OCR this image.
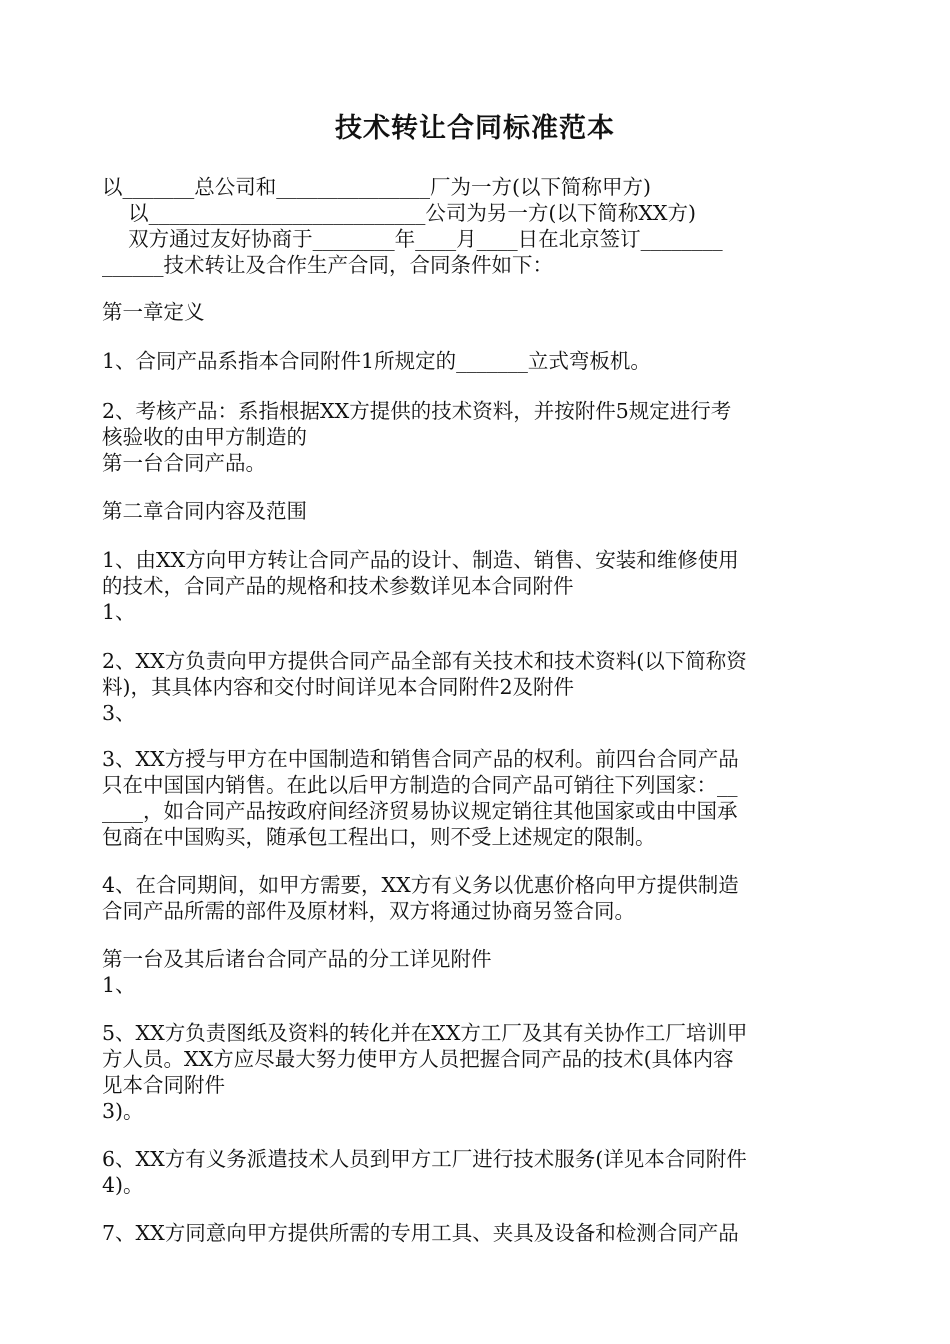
技术转让合同标准范本
以_______总公司和_______________厂为一方(以下简称甲方)
以___________________________公司为另一方(以下简称XX方)
双方通过友好协商于________年____月____日在北京签订________
______技术转让及合作生产合同，合同条件如下：
第一章定义
1、合同产品系指本合同附件1所规定的_______立式弯板机。
2、考核产品：系指根据XX方提供的技术资料，并按附件5规定进行考
核验收的由甲方制造的
第一台合同产品。
第二章合同内容及范围
1、由XX方向甲方转让合同产品的设计、制造、销售、安装和维修使用
的技术，合同产品的规格和技术参数详见本合同附件
1、
2、XX方负责向甲方提供合同产品全部有关技术和技术资料(以下简称资
料)，其具体内容和交付时间详见本合同附件2及附件
3、
3、XX方授与甲方在中国制造和销售合同产品的权利。前四台合同产品
只在中国国内销售。在此以后甲方制造的合同产品可销往下列国家：__
____，如合同产品按政府间经济贸易协议规定销往其他国家或由中国承
包商在中国购买，随承包工程出口，则不受上述规定的限制。
4、在合同期间，如甲方需要，XX方有义务以优惠价格向甲方提供制造
合同产品所需的部件及原材料，双方将通过协商另签合同。
第一台及其后诸台合同产品的分工详见附件
1、
5、XX方负责图纸及资料的转化并在XX方工厂及其有关协作工厂培训甲
方人员。XX方应尽最大努力使甲方人员把握合同产品的技术(具体内容
见本合同附件
3)。
6、XX方有义务派遣技术人员到甲方工厂进行技术服务(详见本合同附件
4)。
7、XX方同意向甲方提供所需的专用工具、夹具及设备和检测合同产品
